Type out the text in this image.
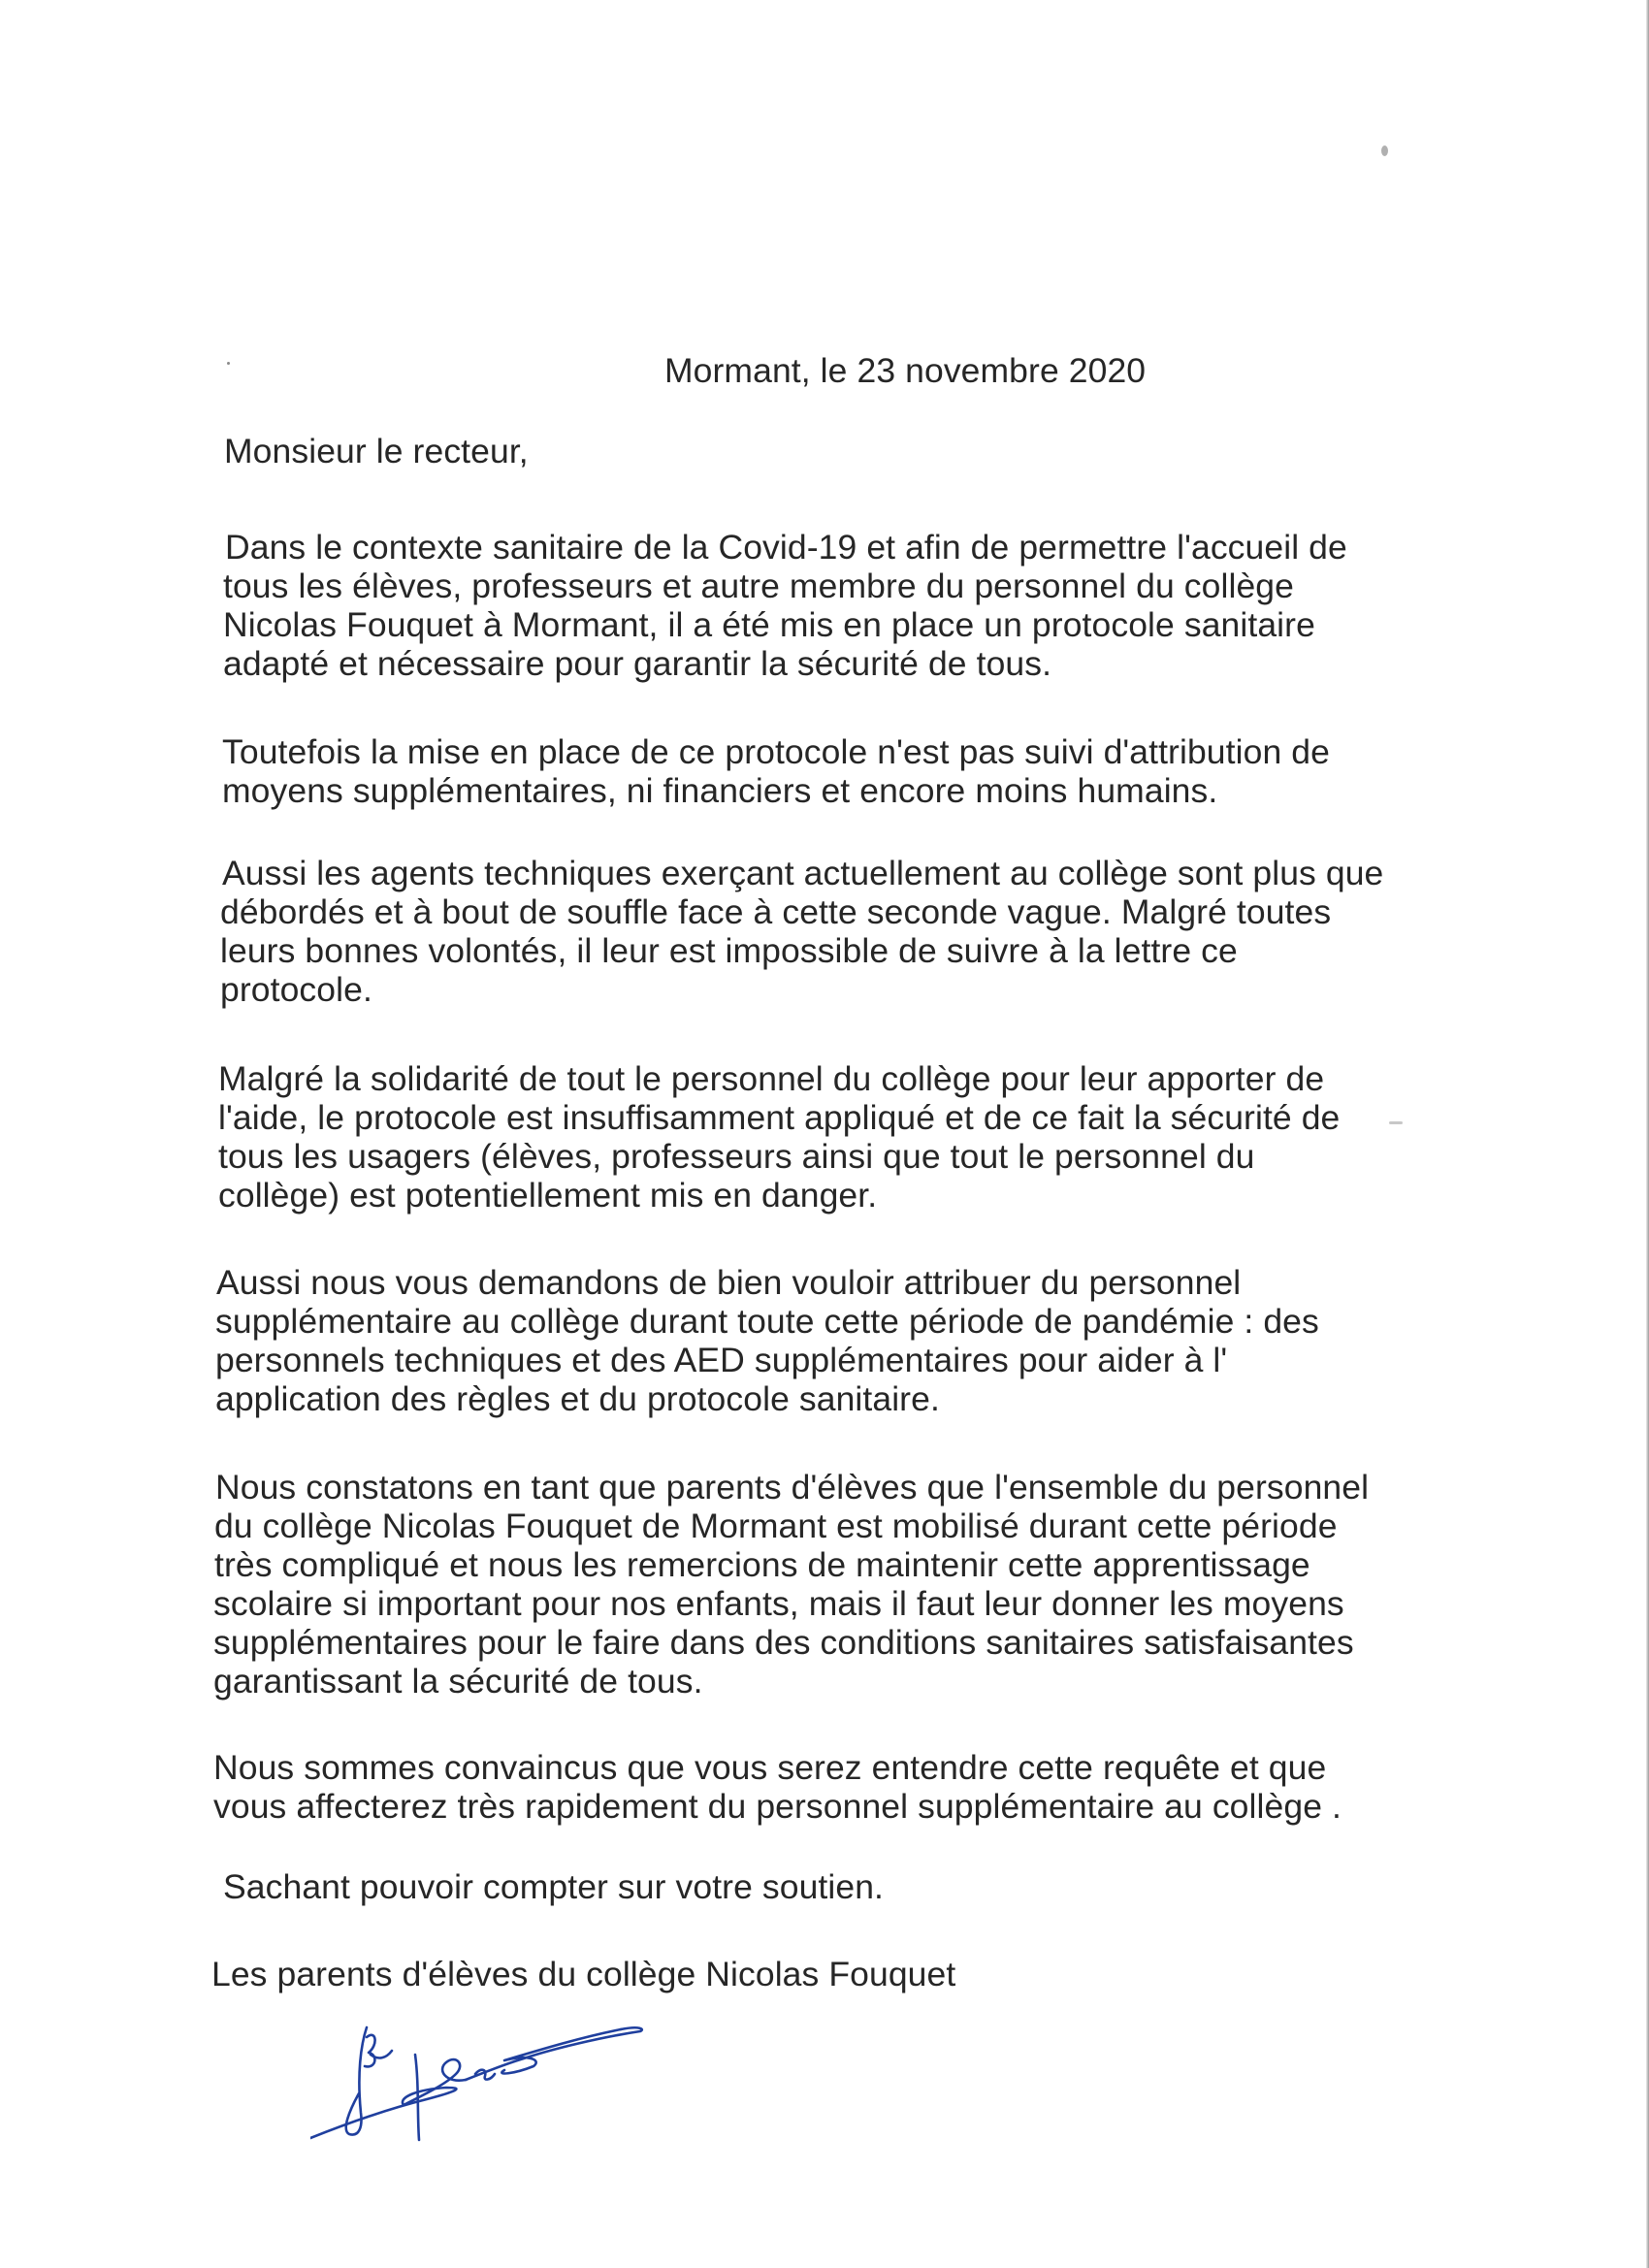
Mormant, le 23 novembre 2020

Monsieur le recteur,

Dans le contexte sanitaire de la Covid-19 et afin de permettre l'accueil de

tous les élèves, professeurs et autre membre du personnel du collège

Nicolas Fouquet à Mormant, il a été mis en place un protocole sanitaire

adapté et nécessaire pour garantir la sécurité de tous.

Toutefois la mise en place de ce protocole n'est pas suivi d'attribution de

moyens supplémentaires, ni financiers et encore moins humains.

Aussi les agents techniques exerçant actuellement au collège sont plus que

débordés et à bout de souffle face à cette seconde vague. Malgré toutes

leurs bonnes volontés, il leur est impossible de suivre à la lettre ce

protocole.

Malgré la solidarité de tout le personnel du collège pour leur apporter de

l'aide, le protocole est insuffisamment appliqué et de ce fait la sécurité de

tous les usagers (élèves, professeurs ainsi que tout le personnel du

collège) est potentiellement mis en danger.

Aussi nous vous demandons de bien vouloir attribuer du personnel

supplémentaire au collège durant toute cette période de pandémie : des

personnels techniques et des AED supplémentaires pour aider à l'

application des règles et du protocole sanitaire.

Nous constatons en tant que parents d'élèves que l'ensemble du personnel

du collège Nicolas Fouquet de Mormant est mobilisé durant cette période

très compliqué et nous les remercions de maintenir cette apprentissage

scolaire si important pour nos enfants, mais il faut leur donner les moyens

supplémentaires pour le faire dans des conditions sanitaires satisfaisantes

garantissant la sécurité de tous.

Nous sommes convaincus que vous serez entendre cette requête et que

vous affecterez très rapidement du personnel supplémentaire au collège .

Sachant pouvoir compter sur votre soutien.

Les parents d'élèves du collège Nicolas Fouquet
